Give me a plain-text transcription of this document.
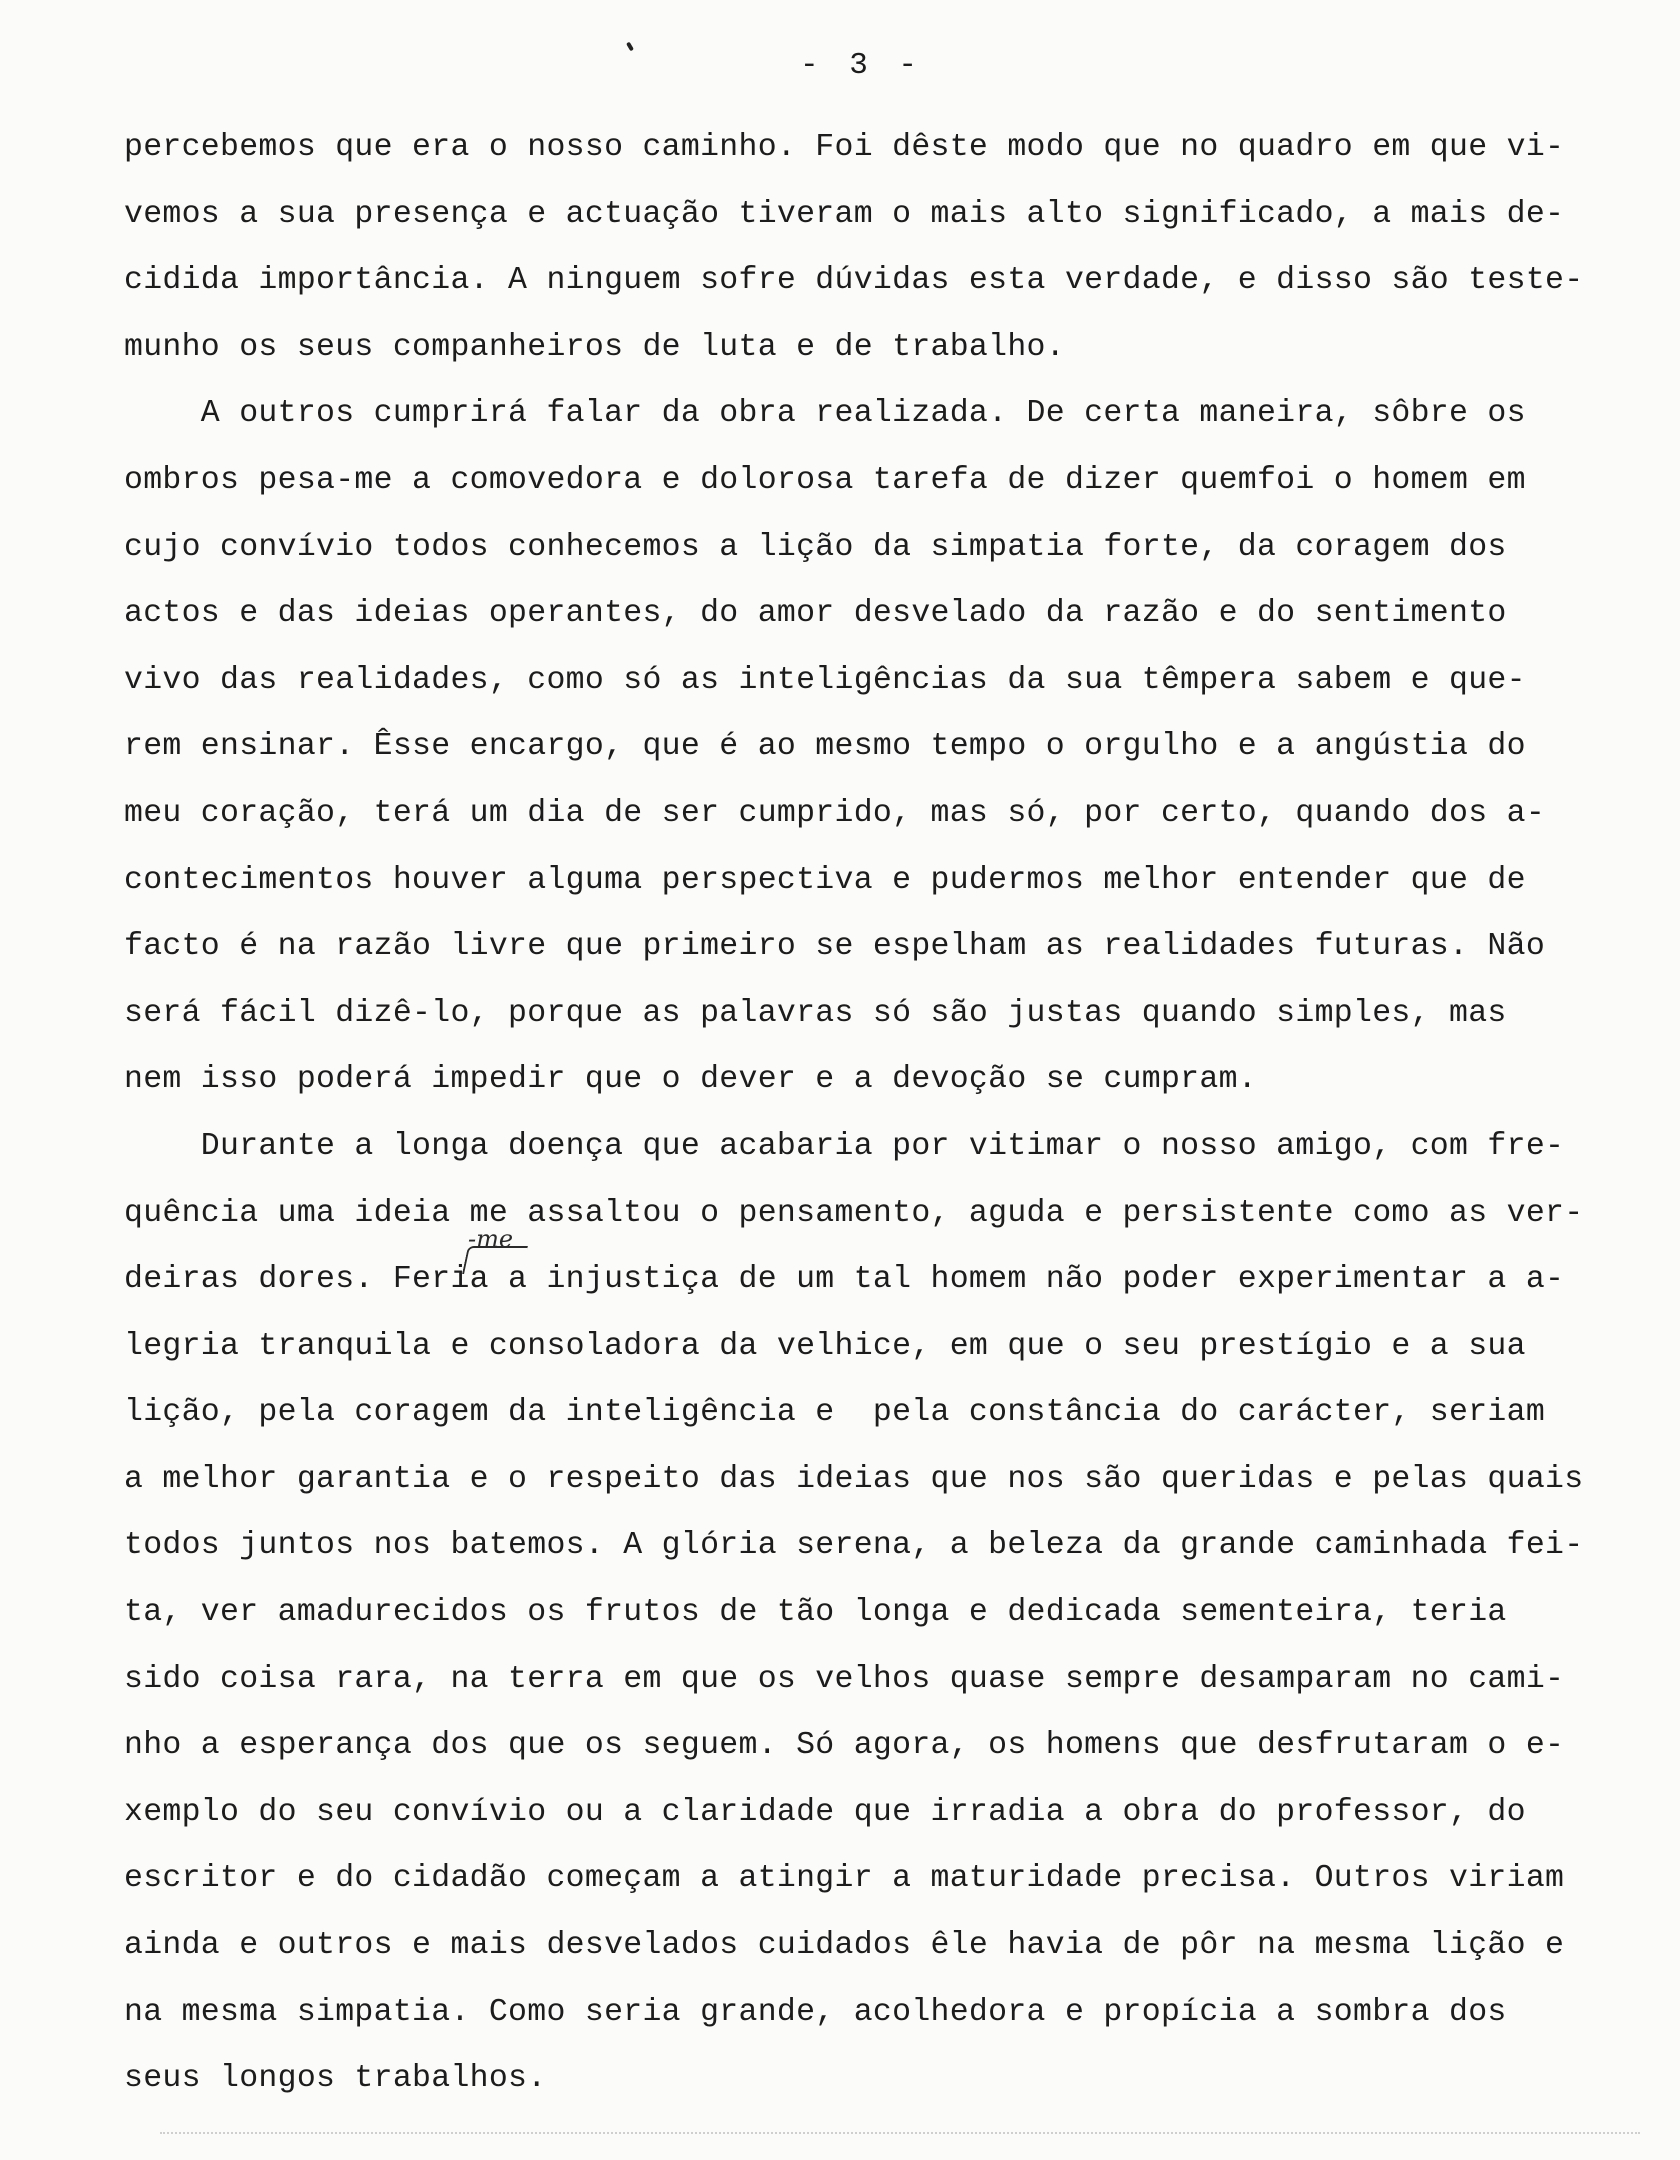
- 3 -
-me
percebemos que era o nosso caminho. Foi dêste modo que no quadro em que vi-
vemos a sua presença e actuação tiveram o mais alto significado, a mais de-
cidida importância. A ninguem sofre dúvidas esta verdade, e disso são teste-
munho os seus companheiros de luta e de trabalho.
A outros cumprirá falar da obra realizada. De certa maneira, sôbre os
ombros pesa-me a comovedora e dolorosa tarefa de dizer quemfoi o homem em
cujo convívio todos conhecemos a lição da simpatia forte, da coragem dos
actos e das ideias operantes, do amor desvelado da razão e do sentimento
vivo das realidades, como só as inteligências da sua têmpera sabem e que-
rem ensinar. Êsse encargo, que é ao mesmo tempo o orgulho e a angústia do
meu coração, terá um dia de ser cumprido, mas só, por certo, quando dos a-
contecimentos houver alguma perspectiva e pudermos melhor entender que de
facto é na razão livre que primeiro se espelham as realidades futuras. Não
será fácil dizê-lo, porque as palavras só são justas quando simples, mas
nem isso poderá impedir que o dever e a devoção se cumpram.
Durante a longa doença que acabaria por vitimar o nosso amigo, com fre-
quência uma ideia me assaltou o pensamento, aguda e persistente como as ver-
deiras dores. Feria a injustiça de um tal homem não poder experimentar a a-
legria tranquila e consoladora da velhice, em que o seu prestígio e a sua
lição, pela coragem da inteligência e  pela constância do carácter, seriam
a melhor garantia e o respeito das ideias que nos são queridas e pelas quais
todos juntos nos batemos. A glória serena, a beleza da grande caminhada fei-
ta, ver amadurecidos os frutos de tão longa e dedicada sementeira, teria
sido coisa rara, na terra em que os velhos quase sempre desamparam no cami-
nho a esperança dos que os seguem. Só agora, os homens que desfrutaram o e-
xemplo do seu convívio ou a claridade que irradia a obra do professor, do
escritor e do cidadão começam a atingir a maturidade precisa. Outros viriam
ainda e outros e mais desvelados cuidados êle havia de pôr na mesma lição e
na mesma simpatia. Como seria grande, acolhedora e propícia a sombra dos
seus longos trabalhos.
